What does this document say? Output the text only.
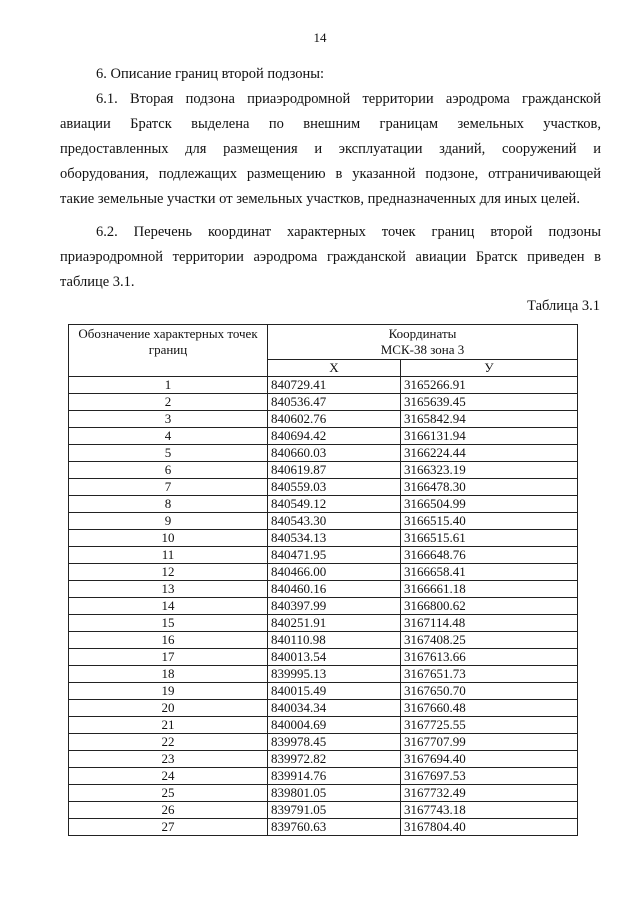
14
6. Описание границ второй подзоны:
6.1. Вторая подзона приаэродромной территории аэродрома гражданской авиации Братск выделена по внешним границам земельных участков, предоставленных для размещения и эксплуатации зданий, сооружений и оборудования, подлежащих размещению в указанной подзоне, отграничивающей такие земельные участки от земельных участков, предназначенных для иных целей.
6.2. Перечень координат характерных точек границ второй подзоны приаэродромной территории аэродрома гражданской авиации Братск приведен в таблице 3.1.
Таблица 3.1
Обозначение характерных точек границ	Координаты
МСК-38 зона 3	

	Х	У
1	840729.41	3165266.91
2	840536.47	3165639.45
3	840602.76	3165842.94
4	840694.42	3166131.94
5	840660.03	3166224.44
6	840619.87	3166323.19
7	840559.03	3166478.30
8	840549.12	3166504.99
9	840543.30	3166515.40
10	840534.13	3166515.61
11	840471.95	3166648.76
12	840466.00	3166658.41
13	840460.16	3166661.18
14	840397.99	3166800.62
15	840251.91	3167114.48
16	840110.98	3167408.25
17	840013.54	3167613.66
18	839995.13	3167651.73
19	840015.49	3167650.70
20	840034.34	3167660.48
21	840004.69	3167725.55
22	839978.45	3167707.99
23	839972.82	3167694.40
24	839914.76	3167697.53
25	839801.05	3167732.49
26	839791.05	3167743.18
27	839760.63	3167804.40
